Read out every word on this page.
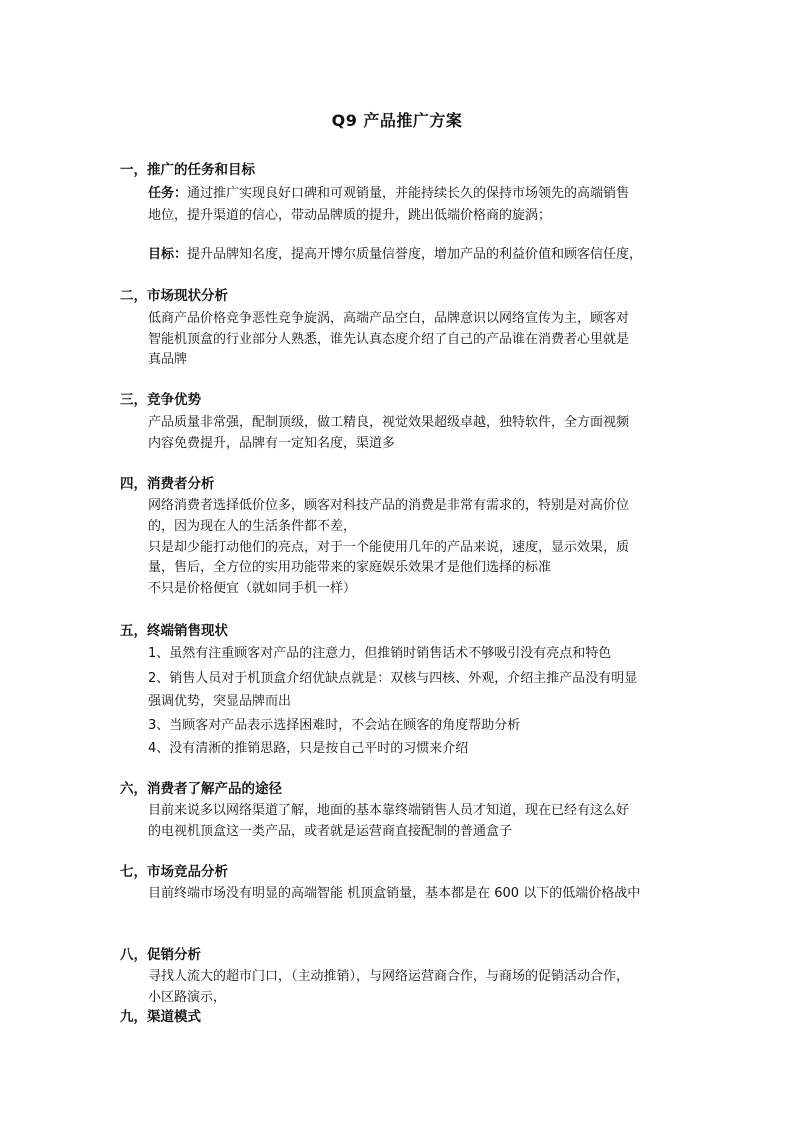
Q9 产品推广方案
一，推广的任务和目标
任务：通过推广实现良好口碑和可观销量，并能持续长久的保持市场领先的高端销售
地位，提升渠道的信心，带动品牌质的提升，跳出低端价格商的旋涡；
目标：提升品牌知名度，提高开博尔质量信誉度，增加产品的利益价值和顾客信任度，
二，市场现状分析
低商产品价格竞争恶性竞争旋涡，高端产品空白，品牌意识以网络宣传为主，顾客对
智能机顶盒的行业部分人熟悉，谁先认真态度介绍了自己的产品谁在消费者心里就是
真品牌
三，竞争优势
产品质量非常强，配制顶级，做工精良，视觉效果超级卓越，独特软件，全方面视频
内容免费提升，品牌有一定知名度，渠道多
四，消费者分析
网络消费者选择低价位多，顾客对科技产品的消费是非常有需求的，特别是对高价位
的，因为现在人的生活条件都不差，
只是却少能打动他们的亮点，对于一个能使用几年的产品来说，速度，显示效果，质
量，售后，全方位的实用功能带来的家庭娱乐效果才是他们选择的标准
不只是价格便宜（就如同手机一样）
五，终端销售现状
1、虽然有注重顾客对产品的注意力，但推销时销售话术不够吸引没有亮点和特色
2、销售人员对于机顶盒介绍优缺点就是：双核与四核、外观，介绍主推产品没有明显
强调优势，突显品牌而出
3、当顾客对产品表示选择困难时，不会站在顾客的角度帮助分析
4、没有清淅的推销思路，只是按自己平时的习惯来介绍
六，消费者了解产品的途径
目前来说多以网络渠道了解，地面的基本靠终端销售人员才知道，现在已经有这么好
的电视机顶盒这一类产品，或者就是运营商直接配制的普通盒子
七，市场竞品分析
目前终端市场没有明显的高端智能 机顶盒销量，基本都是在 600 以下的低端价格战中
八，促销分析
寻找人流大的超市门口，（主动推销），与网络运营商合作，与商场的促销活动合作，
小区路演示，
九，渠道模式
